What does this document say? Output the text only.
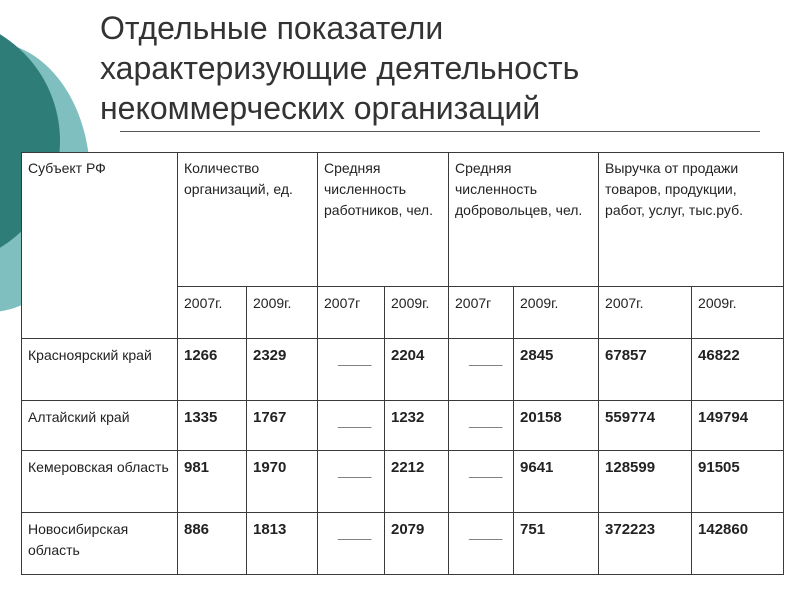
Отдельные показатели
характеризующие деятельность
некоммерческих организаций
Субъект РФ	Количество организаций, ед.		Средняя численность работников, чел.		Средняя численность добровольцев, чел.		Выручка от продажи товаров, продукции, работ, услуг, тыс.руб.	
	2007г.	2009г.	2007г	2009г.	2007г	2009г.	2007г.	2009г.
Красноярский край	1266	2329	____	2204	____	2845	67857	46822
Алтайский край	1335	1767	____	1232	____	20158	559774	149794
Кемеровская область	981	1970	____	2212	____	9641	128599	91505
Новосибирская область	886	1813	____	2079	____	751	372223	142860
